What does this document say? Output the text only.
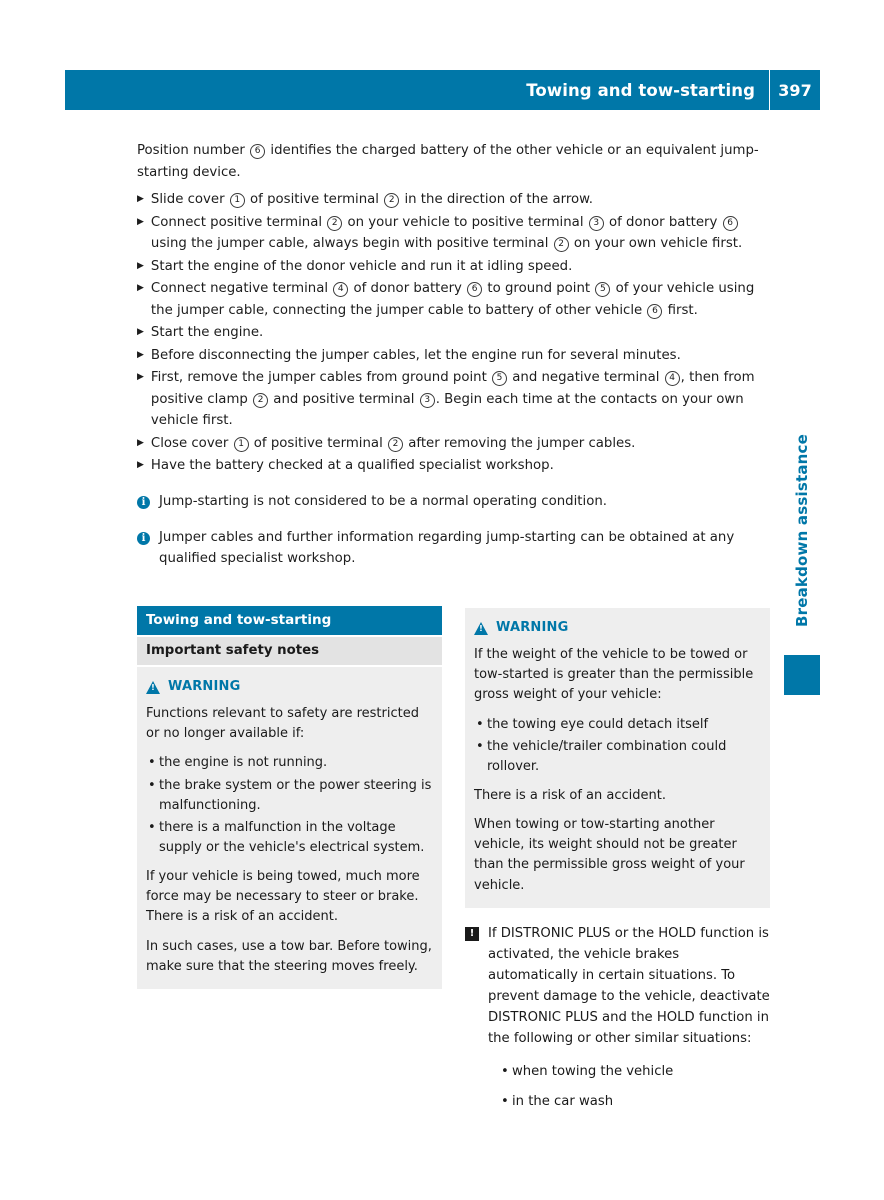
Towing and tow-starting	397
Breakdown assistance

Position number 6 identifies the charged battery of the other vehicle or an equivalent jump-starting device.

▶ Slide cover 1 of positive terminal 2 in the direction of the arrow.
▶ Connect positive terminal 2 on your vehicle to positive terminal 3 of donor battery 6 using the jumper cable, always begin with positive terminal 2 on your own vehicle first.
▶ Start the engine of the donor vehicle and run it at idling speed.
▶ Connect negative terminal 4 of donor battery 6 to ground point 5 of your vehicle using the jumper cable, connecting the jumper cable to battery of other vehicle 6 first.
▶ Start the engine.
▶ Before disconnecting the jumper cables, let the engine run for several minutes.
▶ First, remove the jumper cables from ground point 5 and negative terminal 4 , then from positive clamp 2 and positive terminal 3 . Begin each time at the contacts on your own vehicle first.
▶ Close cover 1 of positive terminal 2 after removing the jumper cables.
▶ Have the battery checked at a qualified specialist workshop.
i	Jump-starting is not considered to be a normal operating condition.
i	Jumper cables and further information regarding jump-starting can be obtained at any qualified specialist workshop.
Towing and tow-starting
Important safety notes
!
WARNING

Functions relevant to safety are restricted or no longer available if:

• the engine is not running.
• the brake system or the power steering is malfunctioning.
• there is a malfunction in the voltage supply or the vehicle's electrical system.

If your vehicle is being towed, much more force may be necessary to steer or brake. There is a risk of an accident.

In such cases, use a tow bar. Before towing, make sure that the steering moves freely.

!
WARNING

If the weight of the vehicle to be towed or tow-started is greater than the permissible gross weight of your vehicle:

• the towing eye could detach itself
• the vehicle/trailer combination could rollover.

There is a risk of an accident.

When towing or tow-starting another vehicle, its weight should not be greater than the permissible gross weight of your vehicle.

!	If DISTRONIC PLUS or the HOLD function is activated, the vehicle brakes automatically in certain situations. To prevent damage to the vehicle, deactivate DISTRONIC PLUS and the HOLD function in the following or other similar situations:
• when towing the vehicle
• in the car wash
